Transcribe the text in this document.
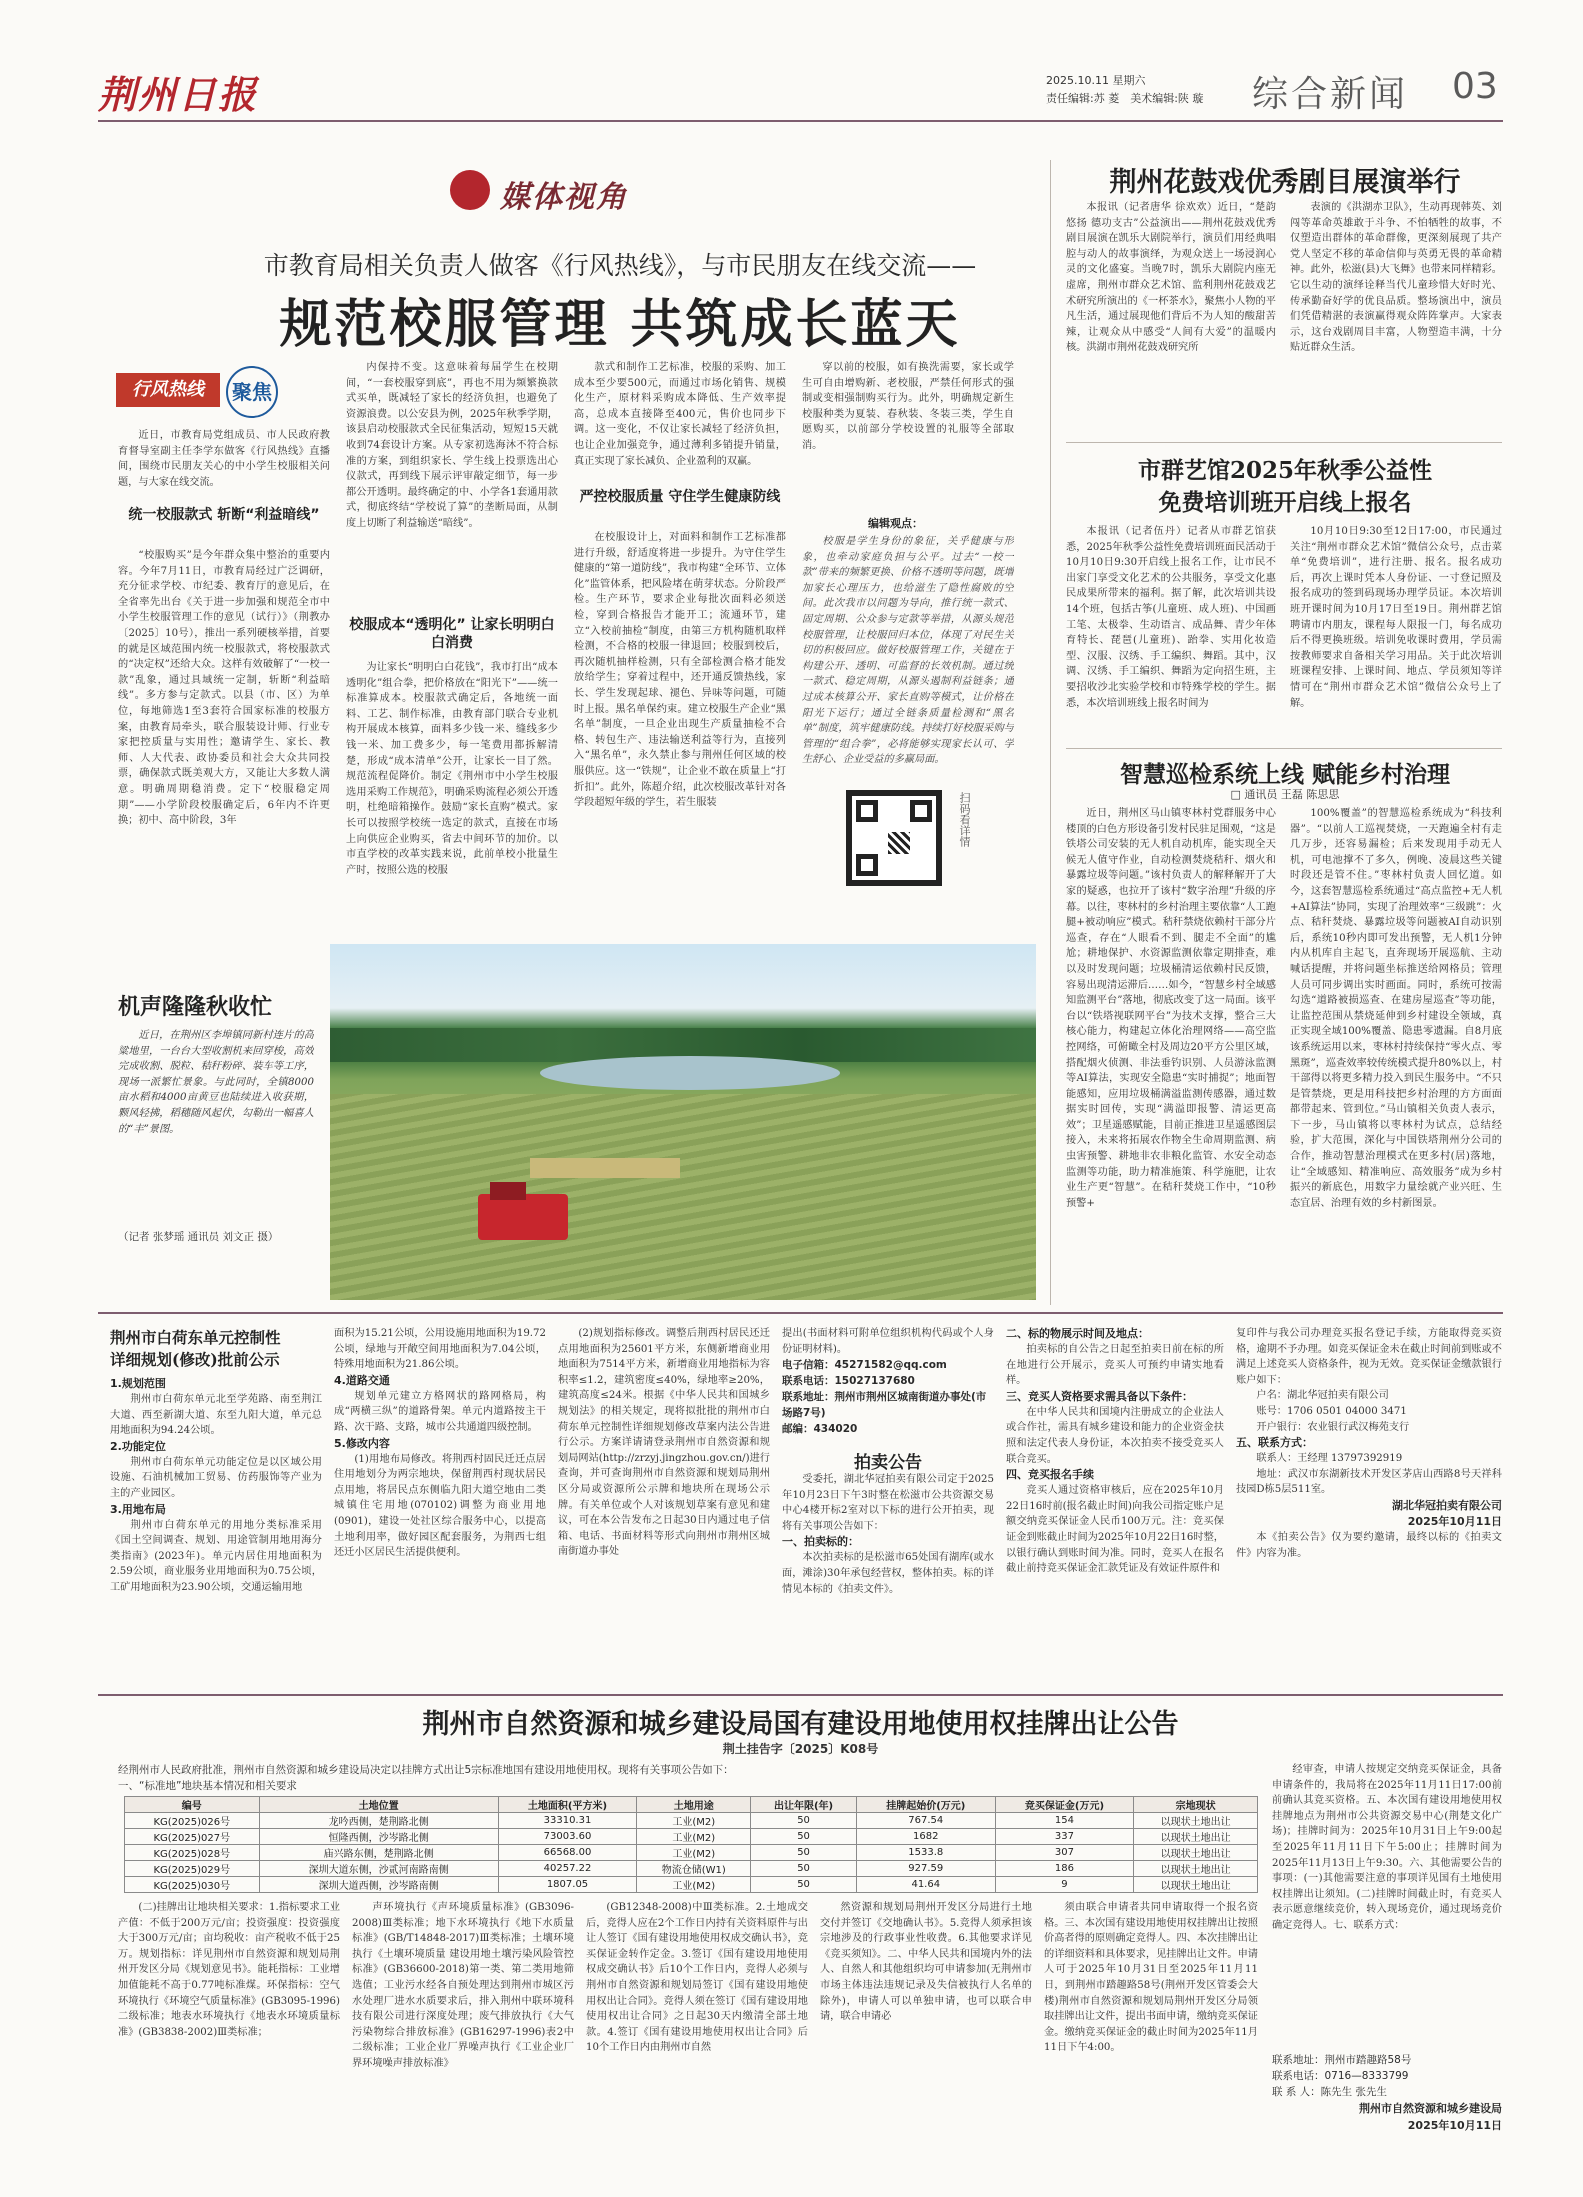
荆州日报	2025.10.11 星期六
责任编辑:苏 菱　美术编辑:陕 璇 综合新闻 03
媒体视角
市教育局相关负责人做客《行风热线》，与市民朋友在线交流——
规范校服管理 共筑成长蓝天
行风热线	聚焦
近日，市教育局党组成员、市人民政府教育督导室副主任李学东做客《行风热线》直播间，围绕市民朋友关心的中小学生校服相关问题，与大家在线交流。
统一校服款式 斩断“利益暗线”
“校服购买”是今年群众集中整治的重要内容。今年7月11日，市教育局经过广泛调研，充分征求学校、市纪委、教育厅的意见后，在全省率先出台《关于进一步加强和规范全市中小学生校服管理工作的意见（试行）》（荆教办〔2025〕10号），推出一系列硬核举措，首要的就是区域范围内统一校服款式，将校服款式的“决定权”还给大众。这样有效破解了“一校一款”乱象，通过具域统一定制，斩断“利益暗线”。多方参与定款式。以县（市、区）为单位，每地筛选1至3套符合国家标准的校服方案，由教育局牵头，联合服装设计师、行业专家把控质量与实用性；邀请学生、家长、教师、人大代表、政协委员和社会大众共同投票，确保款式既美观大方，又能让大多数人满意。明确周期稳消费。定下“校服稳定周期”——小学阶段校服确定后，6年内不许更换；初中、高中阶段，3年
内保持不变。这意味着每届学生在校期间，“一套校服穿到底”，再也不用为频繁换款式买单，既减轻了家长的经济负担，也避免了资源浪费。以公安县为例，2025年秋季学期，该县启动校服款式全民征集活动，短短15天就收到74套设计方案。从专家初选海沐不符合标准的方案，到组织家长、学生线上投票选出心仪款式，再到线下展示评审敲定细节，每一步都公开透明。最终确定的中、小学各1套通用款式，彻底终结“学校说了算”的垄断局面，从制度上切断了利益输送“暗线”。
校服成本“透明化” 让家长明明白白消费
为让家长“明明白白花钱”，我市打出“成本透明化”组合拳，把价格放在“阳光下”——统一标准算成本。校服款式确定后，各地统一面料、工艺、制作标准，由教育部门联合专业机构开展成本核算，面料多少钱一米、缝线多少钱一米、加工费多少，每一笔费用都拆解清楚，形成“成本清单”公开，让家长一目了然。规范流程促降价。制定《荆州市中小学生校服选用采购工作规范》，明确采购流程必须公开透明，杜绝暗箱操作。鼓励“家长直购”模式。家长可以按照学校统一选定的款式，直接在市场上向供应企业购买，省去中间环节的加价。以市直学校的改革实践来说，此前单校小批量生产时，按照公选的校服
款式和制作工艺标准，校服的采购、加工成本至少要500元，而通过市场化销售、规模化生产，原材料采购成本降低、生产效率提高，总成本直接降至400元，售价也同步下调。这一变化，不仅让家长减轻了经济负担，也让企业加强竞争，通过薄利多销提升销量，真正实现了家长减负、企业盈利的双赢。
严控校服质量 守住学生健康防线
在校服设计上，对面料和制作工艺标准都进行升级，舒适度将进一步提升。为守住学生健康的“第一道防线”，我市构建“全环节、立体化”监管体系，把风险堵在萌芽状态。分阶段严检。生产环节，要求企业每批次面料必须送检，穿到合格报告才能开工；流通环节，建立“入校前抽检”制度，由第三方机构随机取样检测，不合格的校服一律退回；校服到校后，再次随机抽样检测，只有全部检测合格才能发放给学生；穿着过程中，还开通反馈热线，家长、学生发现起球、褪色、异味等问题，可随时上报。黑名单保约束。建立校服生产企业“黑名单”制度，一旦企业出现生产质量抽检不合格、转包生产、违法输送利益等行为，直接列入“黑名单”，永久禁止参与荆州任何区域的校服供应。这一“铁规”，让企业不敢在质量上“打折扣”。此外，陈超介绍，此次校服改革针对各学段超短年级的学生，若生服装
穿以前的校服，如有换洗需要，家长或学生可自由增购新、老校服，严禁任何形式的强制或变相强制购买行为。此外，明确规定新生校服种类为夏装、春秋装、冬装三类，学生自愿购买，以前部分学校设置的礼服等全部取消。
编辑观点：
校服是学生身份的象征，关乎健康与形象，也牵动家庭负担与公平。过去“一校一款”带来的频繁更换、价格不透明等问题，既增加家长心理压力，也给滋生了隐性腐败的空间。此次我市以问题为导向，推行统一款式、固定周期、公众参与定款等举措，从源头规范校服管理，让校服回归本位，体现了对民生关切的积极回应。做好校服管理工作，关键在于构建公开、透明、可监督的长效机制。通过统一款式、稳定周期，从源头遏制利益链条；通过成本核算公开、家长直购等模式，让价格在阳光下运行；通过全链条质量检测和“黑名单”制度，筑牢健康防线。持续打好校服采购与管理的“组合拳”，必将能够实现家长认可、学生舒心、企业受益的多赢局面。
扫码看详情
荆州花鼓戏优秀剧目展演举行
本报讯（记者唐华 徐欢欢）近日，“楚韵悠扬 德功支古”公益演出——荆州花鼓戏优秀剧目展演在凯乐大剧院举行，演员们用经典唱腔与动人的故事演绎，为观众送上一场浸润心灵的文化盛宴。当晚7时，凯乐大剧院内座无虚席，荆州市群众艺术馆、监利荆州花鼓戏艺术研究所演出的《一杯茶水》，聚焦小人物的平凡生活，通过展现他们背后不为人知的酸甜苦辣，让观众从中感受“人间有大爱”的温暖内核。洪湖市荆州花鼓戏研究所
表演的《洪湖赤卫队》，生动再现韩英、刘闯等革命英雄敢于斗争、不怕牺牲的故事，不仅塑造出群体的革命群像，更深刻展现了共产党人坚定不移的革命信仰与英勇无畏的革命精神。此外，松滋(县)大飞舞》也带来同样精彩。它以生动的演绎诠释当代儿童珍惜大好时光、传承勤奋好学的优良品质。整场演出中，演员们凭借精湛的表演赢得观众阵阵掌声。大家表示，这台戏剧周目丰富，人物塑造丰满，十分贴近群众生活。
市群艺馆2025年秋季公益性
免费培训班开启线上报名
本报讯（记者伍丹）记者从市群艺馆获悉，2025年秋季公益性免费培训班面民活动于10月10日9:30开启线上报名工作，让市民不出家门享受文化艺术的公共服务，享受文化惠民成果所带来的福利。据了解，此次培训共设14个班，包括古筝(儿童班、成人班)、中国画工笔、太极拳、生动语言、成品舞、青少年体育特长、琵琶(儿童班)、跆拳、实用化妆造型、汉服、汉绣、手工编织、舞蹈。其中，汉调、汉绣、手工编织、舞蹈为定向招生班，主要招收沙北实验学校和市特殊学校的学生。据悉，本次培训班线上报名时间为
10月10日9:30至12日17:00，市民通过关注“荆州市群众艺术馆”微信公众号，点击菜单“免费培训”，进行注册、报名。报名成功后，再次上课时凭本人身份证、一寸登记照及报名成功的签到码现场办理学员证。本次培训班开课时间为10月17日至19日。荆州群艺馆聘请市内朋友，课程每人限报一门，每名成功后不得更换班级。培训免收课时费用，学员需按教师要求自备相关学习用品。关于此次培训班课程安排、上课时间、地点、学员须知等详情可在“荆州市群众艺术馆”微信公众号上了解。
智慧巡检系统上线 赋能乡村治理
□ 通讯员 王磊 陈思思
近日，荆州区马山镇枣林村党群服务中心楼顶的白色方形设备引发村民驻足围观，“这是铁塔公司安装的无人机自动机库，能实现全天候无人值守作业，自动检测焚烧秸秆、烟火和暴露垃圾等问题。”该村负责人的解释解开了大家的疑惑，也拉开了该村“数字治理”升级的序幕。以往，枣林村的乡村治理主要依靠“人工跑腿+被动响应”模式。秸秆禁烧依赖村干部分片巡查，存在“人眼看不到、腿走不全面”的尴尬；耕地保护、水资源监测依靠定期排查，难以及时发现问题；垃圾桶清运依赖村民反馈，容易出现清运滞后……如今，“智慧乡村全域感知监测平台”落地，彻底改变了这一局面。该平台以“铁塔视联网平台”为技术支撑，整合三大核心能力，构建起立体化治理网络——高空监控网络，可俯瞰全村及周边20平方公里区域，搭配烟火侦测、非法垂钓识别、人员游泳监测等AI算法，实现安全隐患“实时捕捉”；地面智能感知，应用垃圾桶满溢监测传感器，通过数据实时回传，实现“满溢即报警、清运更高效”；卫星遥感赋能，目前正推进卫星遥感图层接入，未来将拓展农作物全生命周期监测、病虫害预警、耕地非农非粮化监管、水安全动态监测等功能，助力精准施策、科学施肥，让农业生产更“智慧”。在秸秆焚烧工作中，“10秒预警+
100%覆盖”的智慧巡检系统成为“科技利器”。“以前人工巡视焚烧，一天跑遍全村有走几万步，还容易漏检；后来发现用手动无人机，可电池撑不了多久，例晚、凌晨这些关键时段还是管不住。”枣林村负责人回忆道。如今，这套智慧巡检系统通过“高点监控+无人机+AI算法”协同，实现了治理效率“三级跳”：火点、秸秆焚烧、暴露垃圾等问题被AI自动识别后，系统10秒内即可发出预警，无人机1分钟内从机库自主起飞，直奔现场开展巡航、主动喊话提醒，并将问题坐标推送给网格员；管理人员可同步调出实时画面。同时，系统可按需勾选“道路被损巡查、在建房屋巡查”等功能，让监控范围从禁烧延伸到乡村建设全领域，真正实现全域100%覆盖、隐患零遗漏。自8月底该系统运用以来，枣林村持续保持“零火点、零黑斑”，巡查效率较传统模式提升80%以上，村干部得以将更多精力投入到民生服务中。“不只是管禁烧，更是用科技把乡村治理的方方面面都带起来、管到位。”马山镇相关负责人表示，下一步，马山镇将以枣林村为试点，总结经验，扩大范围，深化与中国铁塔荆州分公司的合作，推动智慧治理模式在更多村(居)落地，让“全域感知、精准响应、高效服务”成为乡村振兴的新底色，用数字力量绘就产业兴旺、生态宜居、治理有效的乡村新图景。
机声隆隆秋收忙
近日，在荆州区李埠镇同新村连片的高粱地里，一台台大型收割机来回穿梭，高效完成收割、脱粒、秸秆粉碎、装车等工序，现场一派繁忙景象。与此同时，全镇8000亩水稻和4000亩黄豆也陆续进入收获期，颗风轻拂，稻穗随风起伏，勾勒出一幅喜人的“丰”景图。
（记者 张梦瑶 通讯员 刘文正 摄）
荆州市白荷东单元控制性
详细规划(修改)批前公示
1.规划范围
荆州市白荷东单元北至学苑路、南至荆江大道、西至新湖大道、东至九阳大道，单元总用地面积为94.24公顷。
2.功能定位
荆州市白荷东单元功能定位是以区域公用设施、石油机械加工贸易、仿药服饰等产业为主的产业园区。
3.用地布局
荆州市白荷东单元的用地分类标准采用《国土空间调查、规划、用途管制用地用海分类指南》(2023年)。单元内居住用地面积为2.59公顷，商业服务业用地面积为0.75公顷，工矿用地面积为23.90公顷，交通运输用地
面积为15.21公顷，公用设施用地面积为19.72公顷，绿地与开敞空间用地面积为7.04公顷，特殊用地面积为21.86公顷。
4.道路交通
规划单元建立方格网状的路网格局，构成“两横三纵”的道路骨架。单元内道路按主干路、次干路、支路，城市公共通道四级控制。
5.修改内容
(1)用地布局修改。将荆西村固民迁迁点居住用地划分为两宗地块，保留荆西村现状居民点用地，将居民点东侧临九阳大道空地由二类城镇住宅用地(070102)调整为商业用地(0901)，建设一处社区综合服务中心，以提高土地利用率，做好园区配套服务，为荆西七组还迁小区居民生活提供便利。
(2)规划指标修改。调整后荆西村居民还迁点用地面积为25601平方米，东侧新增商业用地面积为7514平方米，新增商业用地指标为容积率≤1.2，建筑密度≤40%，绿地率≥20%，建筑高度≤24米。根据《中华人民共和国城乡规划法》的相关规定，现将拟批批的荆州市白荷东单元控制性详细规划修改草案内法公告进行公示。方案详请请登录荆州市自然资源和规划局网站(http://zrzyj.jingzhou.gov.cn/)进行查询，并可查询荆州市自然资源和规划局荆州区分局或资源所公示牌和地块所在现场公示牌。有关单位或个人对该规划草案有意见和建议，可在本公告发布之日起30日内通过电子信箱、电话、书面材料等形式向荆州市荆州区城南街道办事处
提出(书面材料可附单位组织机构代码或个人身份证明材料)。
电子信箱：45271582@qq.com
联系电话：15027137680
联系地址：荆州市荆州区城南街道办事处(市场路7号)
邮编：434020
拍卖公告
受委托，湖北华冠拍卖有限公司定于2025年10月23日下午3时整在松滋市公共资源交易中心4楼开标2室对以下标的进行公开拍卖，现将有关事项公告如下：
一、拍卖标的：
本次拍卖标的是松滋市65处国有湖库(或水面，滩涂)30年承包经营权，整体拍卖。标的详情见本标的《拍卖文件》。
二、标的物展示时间及地点：
拍卖标的自公告之日起至拍卖日前在标的所在地进行公开展示，竞买人可预约申请实地看样。
三、竞买人资格要求需具备以下条件：
在中华人民共和国境内注册成立的企业法人或合作社，需具有城乡建设和能力的企业资金扶照和法定代表人身份证，本次拍卖不接受竞买人联合竞买。
四、竞买报名手续
竞买人通过资格审核后，应在2025年10月22日16时前(报名截止时间)向我公司指定账户足额交纳竞买保证金人民币100万元。注：竞买保证金到账截止时间为2025年10月22日16时整，以银行确认到账时间为准。同时，竞买人在报名截止前持竞买保证金汇款凭证及有效证件原件和
复印件与我公司办理竞买报名登记手续，方能取得竞买资格，逾期不予办理。如竞买保证金未在截止时间前到账或不满足上述竞买人资格条件，视为无效。竞买保证金缴款银行账户如下：
户名：湖北华冠拍卖有限公司
账号：1706 0501 04000 3471
开户银行：农业银行武汉梅苑支行
五、联系方式：
联系人：王经理 13797392919
地址：武汉市东湖新技术开发区茅店山西路8号天祥科技园D栋5层511室。
湖北华冠拍卖有限公司
2025年10月11日
本《拍卖公告》仅为要约邀请，最终以标的《拍卖文件》内容为准。
荆州市自然资源和城乡建设局国有建设用地使用权挂牌出让公告
荆土挂告字〔2025〕K08号
经荆州市人民政府批准，荆州市自然资源和城乡建设局决定以挂牌方式出让5宗标准地国有建设用地使用权。现将有关事项公告如下：
一、“标准地”地块基本情况和相关要求
编号	土地位置	土地面积(平方米)	土地用途	出让年限(年)	挂牌起始价(万元)	竞买保证金(万元)	宗地现状
KG(2025)026号	龙吟西侧，楚荆路北侧	33310.31	工业(M2)	50	767.54	154	以现状土地出让
KG(2025)027号	恒隆西侧，沙岑路北侧	73003.60	工业(M2)	50	1682	337	以现状土地出让
KG(2025)028号	庙兴路东侧，楚荆路北侧	66568.00	工业(M2)	50	1533.8	307	以现状土地出让
KG(2025)029号	深圳大道东侧，沙贰河南路南侧	40257.22	物流仓储(W1)	50	927.59	186	以现状土地出让
KG(2025)030号	深圳大道西侧，沙岑路南侧	1807.05	工业(M2)	50	41.64	9	以现状土地出让
经审查，申请人按规定交纳竞买保证金，具备申请条件的，我局将在2025年11月11日17:00前前确认其竞买资格。五、本次国有建设用地使用权挂牌地点为荆州市公共资源交易中心(荆楚文化广场)；挂牌时间为：2025年10月31日上午9:00起至2025年11月11日下午5:00止；挂牌时间为2025年11月13日上午9:30。六、其他需要公告的事项：(一)其他需要注意的事项详见国有土地使用权挂牌出让须知。(二)挂牌时间截止时，有竞买人表示愿意继续竞价，转入现场竞价，通过现场竞价确定竞得人。七、联系方式：
联系地址：荆州市踏趣路58号
联系电话：0716—8333799
联 系 人：陈先生 张先生
荆州市自然资源和城乡建设局
2025年10月11日
(二)挂牌出让地块相关要求：1.指标要求工业产值：不低于200万元/亩；投资强度：投资强度大于300万元/亩；亩均税收：亩产税收不低于25万。规划指标：详见荆州市自然资源和规划局荆州开发区分局《规划意见书》。能耗指标：工业增加值能耗不高于0.77吨标准煤。环保指标：空气环境执行《环境空气质量标准》(GB3095-1996)二级标准；地表水环境执行《地表水环境质量标准》(GB3838-2002)Ⅲ类标准；
声环境执行《声环境质量标准》(GB3096-2008)Ⅲ类标准；地下水环境执行《地下水质量标准》(GB/T14848-2017)Ⅲ类标准；土壤环境执行《土壤环境质量 建设用地土壤污染风险管控标准》(GB36600-2018)第一类、第二类用地筛选值；工业污水经各自预处理达到荆州市城区污水处理厂进水水质要求后，排入荆州中联环境科技有限公司进行深度处理；废气排放执行《大气污染物综合排放标准》(GB16297-1996)表2中二级标准；工业企业厂界噪声执行《工业企业厂界环境噪声排放标准》
(GB12348-2008)中Ⅲ类标准。2.土地成交后，竞得人应在2个工作日内持有关资料原件与出让人签订《国有建设用地使用权成交确认书》，竞买保证金转作定金。3.签订《国有建设用地使用权成交确认书》后10个工作日内，竞得人必须与荆州市自然资源和规划局签订《国有建设用地使用权出让合同》。竞得人须在签订《国有建设用地使用权出让合同》之日起30天内缴清全部土地款。4.签订《国有建设用地使用权出让合同》后10个工作日内由荆州市自然
然资源和规划局荆州开发区分局进行土地交付并签订《交地确认书》。5.竞得人须承担该宗地涉及的行政事业性收费。6.其他要求详见《竞买须知》。二、中华人民共和国境内外的法人、自然人和其他组织均可申请参加(无荆州市市场主体违法违规记录及失信被执行人名单的除外)，申请人可以单独申请，也可以联合申请，联合申请必
须由联合申请者共同申请取得一个报名资格。三、本次国有建设用地使用权挂牌出让按照价高者得的原则确定竞得人。四、本次挂牌出让的详细资料和具体要求，见挂牌出让文件。申请人可于2025年10月31日至2025年11月11日，到荆州市踏趣路58号(荆州开发区管委会大楼)荆州市自然资源和规划局荆州开发区分局领取挂牌出让文件，提出书面申请，缴纳竞买保证金。缴纳竞买保证金的截止时间为2025年11月11日下午4:00。
